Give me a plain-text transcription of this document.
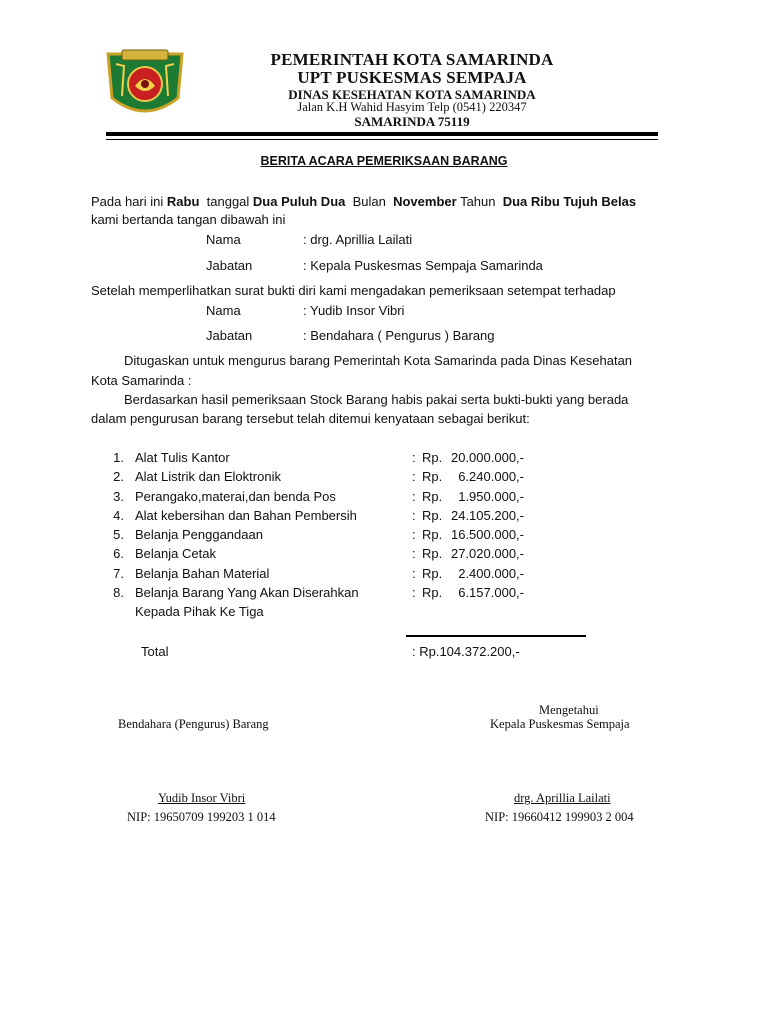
PEMERINTAH KOTA SAMARINDA
UPT PUSKESMAS SEMPAJA
DINAS KESEHATAN KOTA SAMARINDA
Jalan K.H Wahid Hasyim Telp (0541) 220347
SAMARINDA 75119
BERITA ACARA PEMERIKSAAN BARANG
Pada hari ini Rabu tanggal Dua Puluh Dua Bulan November Tahun Dua Ribu Tujuh Belas
kami bertanda tangan dibawah ini
Nama	: drg. Aprillia Lailati
Jabatan	: Kepala Puskesmas Sempaja Samarinda
Setelah memperlihatkan surat bukti diri kami mengadakan pemeriksaan setempat terhadap
Nama	: Yudib Insor Vibri
Jabatan	: Bendahara ( Pengurus ) Barang
Ditugaskan untuk mengurus barang Pemerintah Kota Samarinda pada Dinas Kesehatan
Kota Samarinda :
Berdasarkan hasil pemeriksaan Stock Barang habis pakai serta bukti-bukti yang berada
dalam pengurusan barang tersebut telah ditemui kenyataan sebagai berikut:
1. Alat Tulis Kantor	: Rp. 20.000.000,-
2. Alat Listrik dan Eloktronik	: Rp.	6.240.000,-
3. Perangako,materai,dan benda Pos	: Rp.	1.950.000,-
4. Alat kebersihan dan Bahan Pembersih	: Rp. 24.105.200,-
5. Belanja Penggandaan	: Rp. 16.500.000,-
6. Belanja Cetak	: Rp. 27.020.000,-
7. Belanja Bahan Material	: Rp.	2.400.000,-
8. Belanja Barang Yang Akan Diserahkan	: Rp.	6.157.000,-
Kepada Pihak Ke Tiga
Total	: Rp.104.372.200,-
Bendahara (Pengurus) Barang
Mengetahui
Kepala Puskesmas Sempaja
Yudib Insor Vibri
NIP: 19650709 199203 1 014
drg. Aprillia Lailati
NIP: 19660412 199903 2 004
